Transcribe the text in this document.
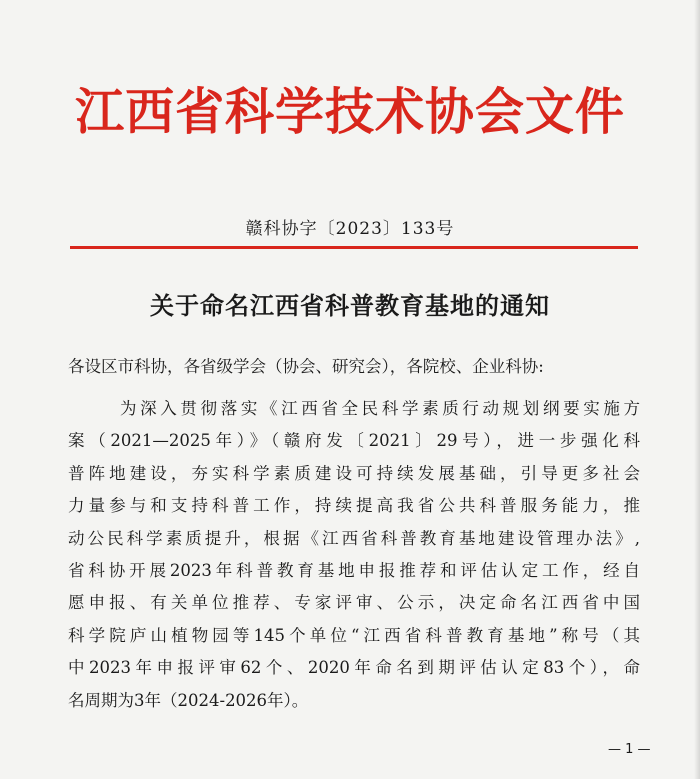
江西省科学技术协会文件
赣科协字〔2023〕133号
关于命名江西省科普教育基地的通知
各设区市科协，各省级学会（协会、研究会），各院校、企业科协:
为深入贯彻落实《江西省全民科学素质行动规划纲要实施方
案（2021—2025年）》（赣府发〔2021〕29号），进一步强化科
普阵地建设，夯实科学素质建设可持续发展基础，引导更多社会
力量参与和支持科普工作，持续提高我省公共科普服务能力，推
动公民科学素质提升，根据《江西省科普教育基地建设管理办法》,
省科协开展2023年科普教育基地申报推荐和评估认定工作，经自
愿申报、有关单位推荐、专家评审、公示，决定命名江西省中国
科学院庐山植物园等145个单位“江西省科普教育基地”称号（其
中2023年申报评审62个、2020年命名到期评估认定83个），命
名周期为3年（2024-2026年）。
— 1 —
